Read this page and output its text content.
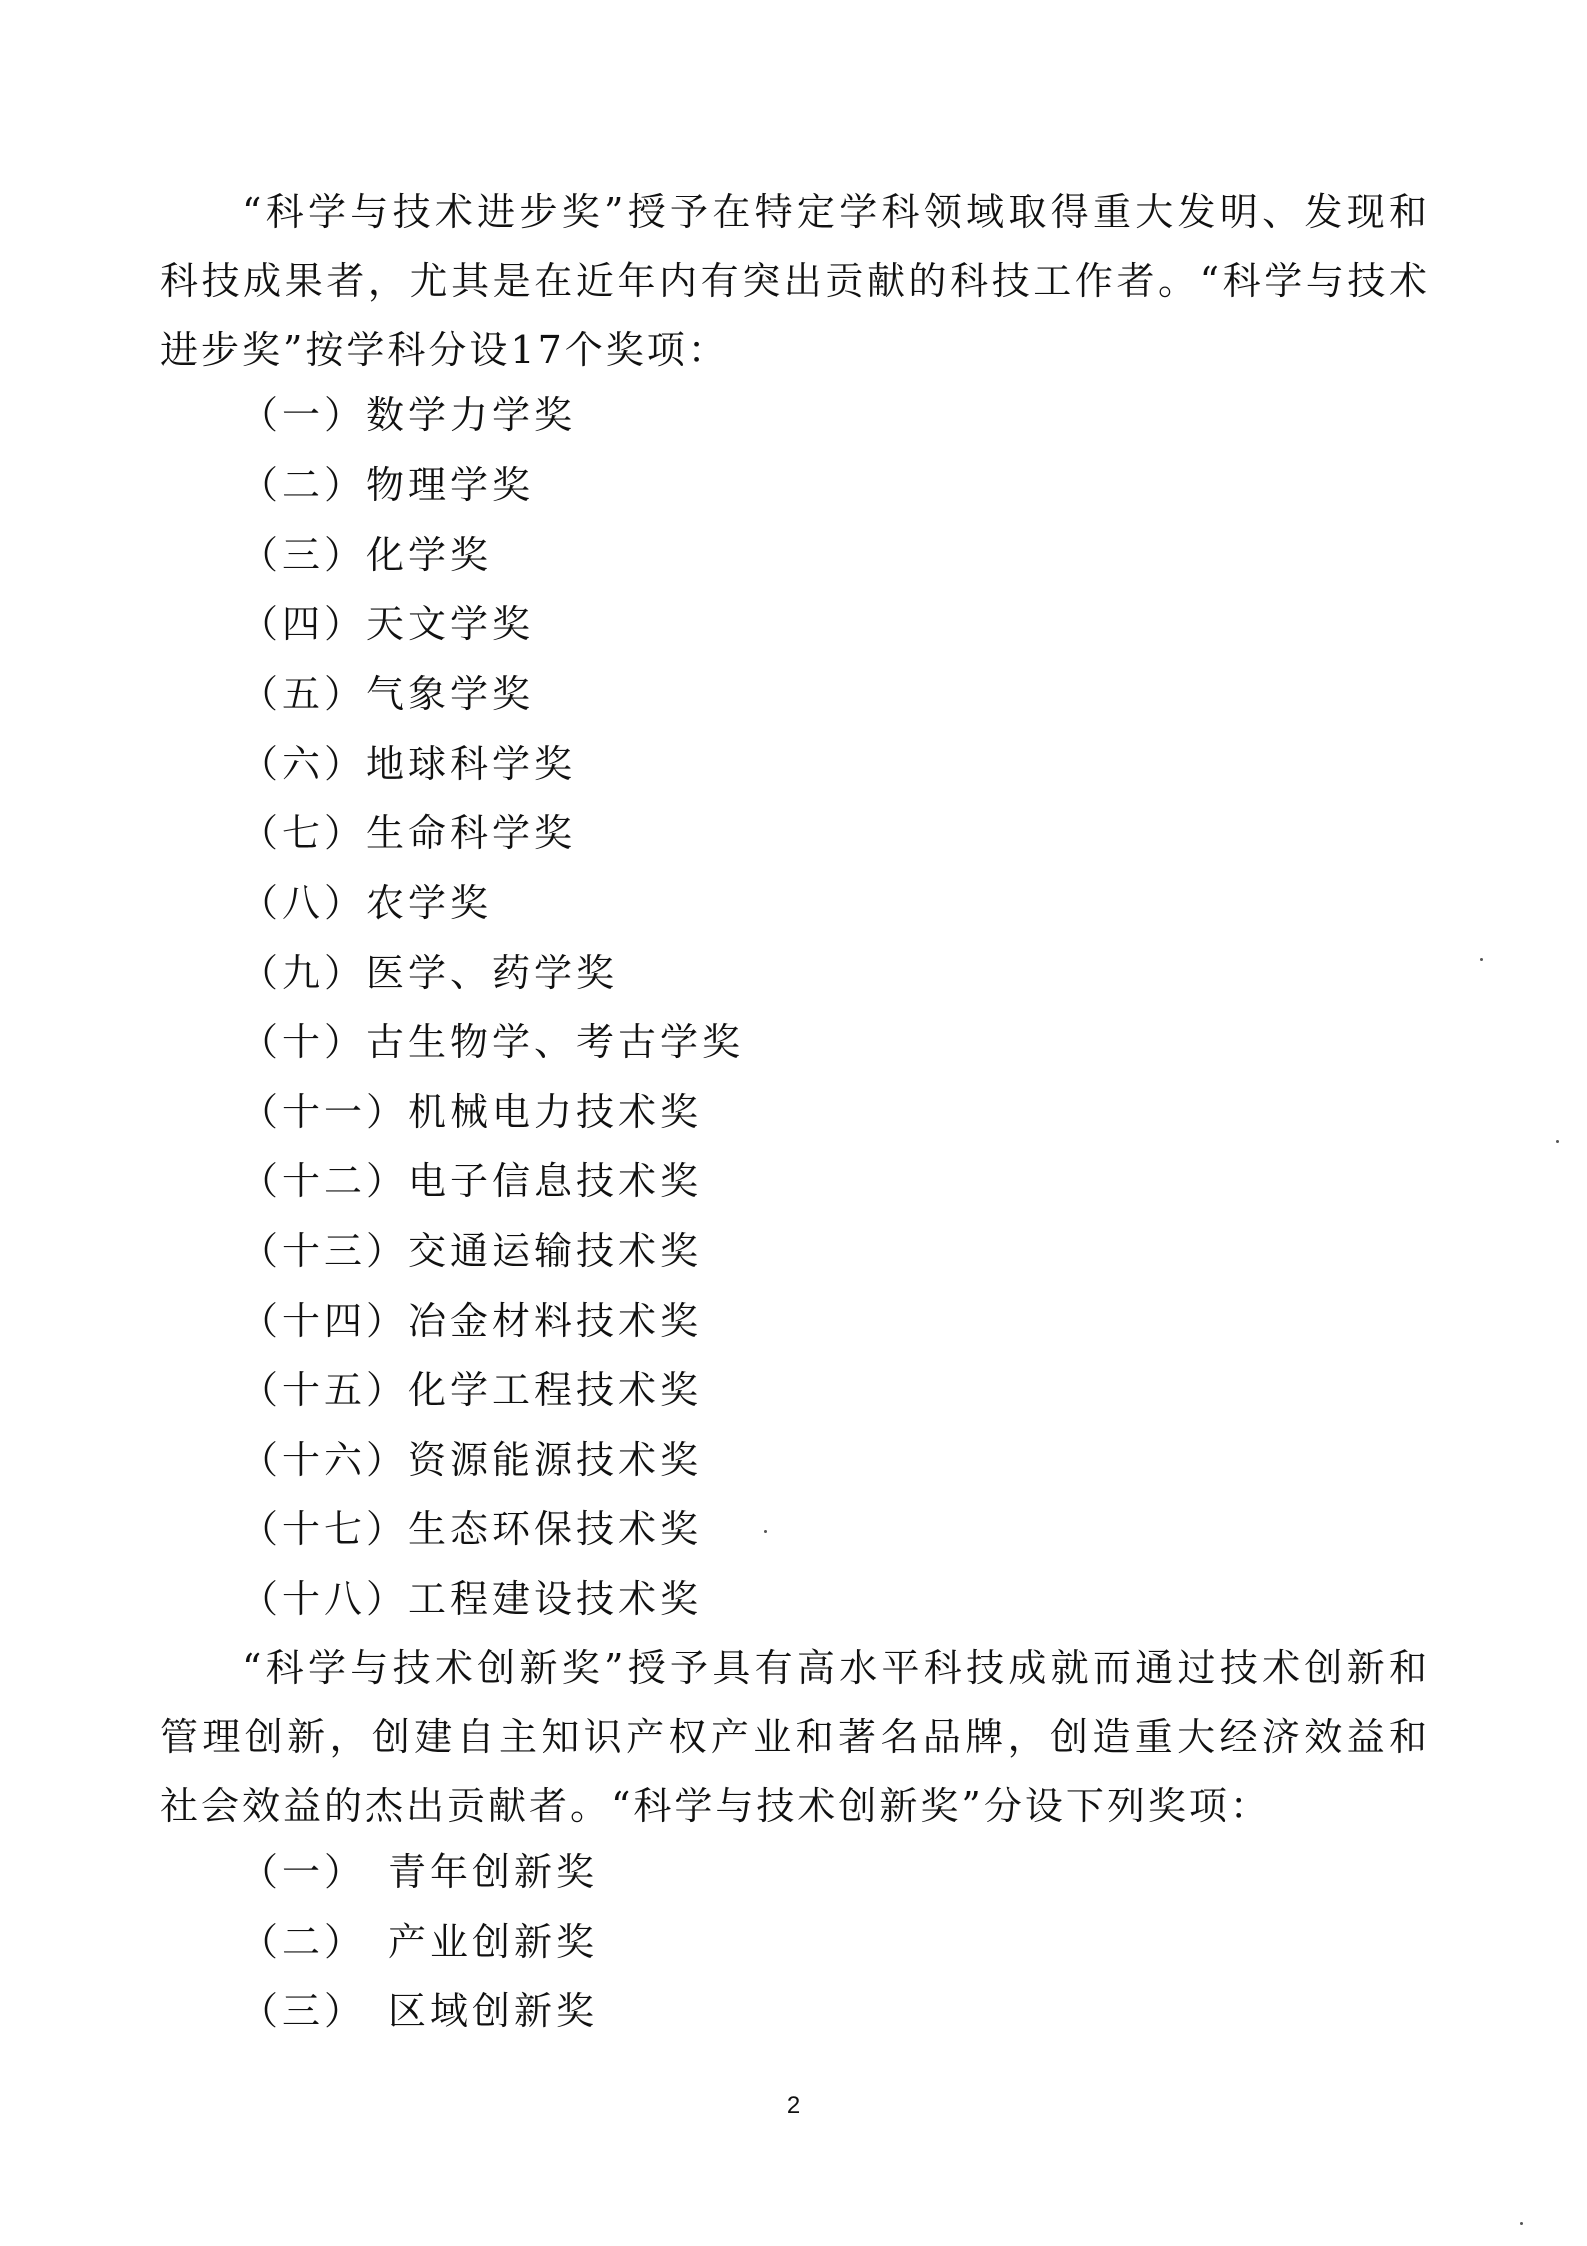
“科学与技术进步奖”授予在特定学科领域取得重大发明、发现和科技成果者，尤其是在近年内有突出贡献的科技工作者。“科学与技术进步奖”按学科分设17个奖项：

（一）数学力学奖
（二）物理学奖
（三）化学奖
（四）天文学奖
（五）气象学奖
（六）地球科学奖
（七）生命科学奖
（八）农学奖
（九）医学、药学奖
（十）古生物学、考古学奖
（十一）机械电力技术奖
（十二）电子信息技术奖
（十三）交通运输技术奖
（十四）冶金材料技术奖
（十五）化学工程技术奖
（十六）资源能源技术奖
（十七）生态环保技术奖
（十八）工程建设技术奖

“科学与技术创新奖”授予具有高水平科技成就而通过技术创新和管理创新，创建自主知识产权产业和著名品牌，创造重大经济效益和社会效益的杰出贡献者。“科学与技术创新奖”分设下列奖项：

（一） 青年创新奖
（二） 产业创新奖
（三） 区域创新奖
2
